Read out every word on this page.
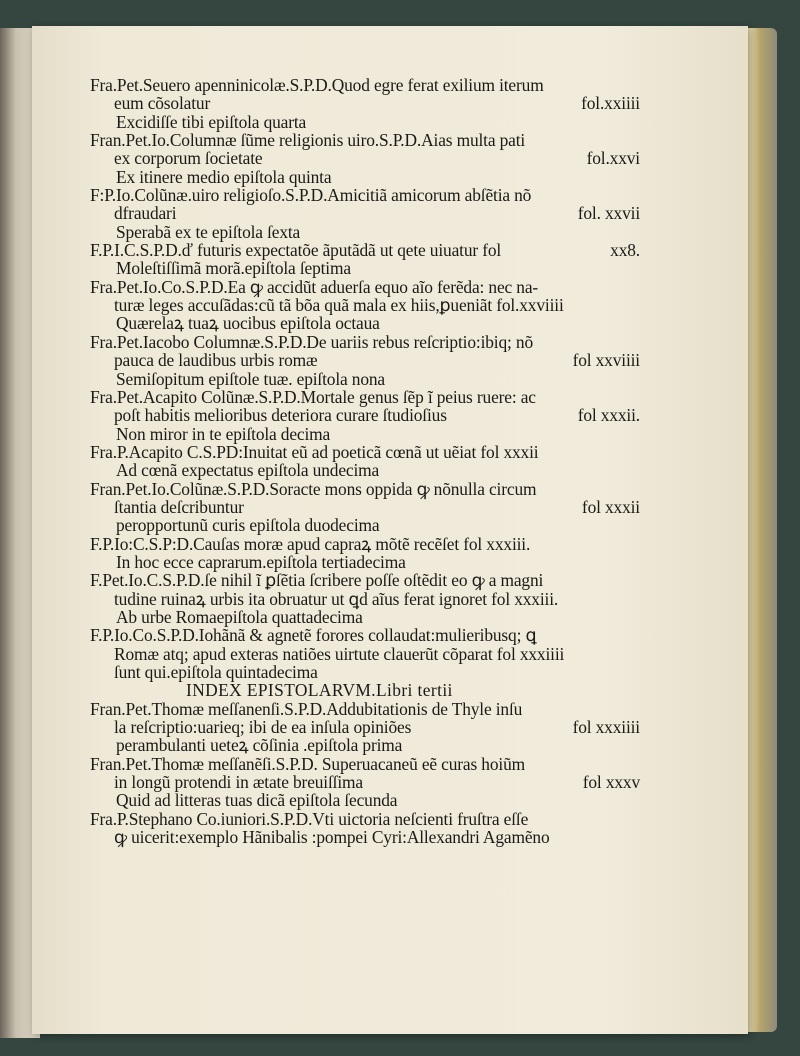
Fra.Pet.Seuero apenninicolæ.S.P.D.Quod egre ferat exilium iterum
eum cõsolatur	fol.xxiiii
Excidiſſe tibi epiſtola quarta
Fran.Pet.Io.Columnæ ſũme religionis uiro.S.P.D.Aias multa pati
ex corporum ſocietate	fol.xxvi
Ex itinere medio epiſtola quinta
F:P.Io.Colũnæ.uiro religioſo.S.P.D.Amicitiã amicorum abſẽtia nõ
dfraudari	fol. xxvii
Sperabã ex te epiſtola ſexta
F.P.I.C.S.P.D.ď futuris expectatõe ãputãdã ut qete uiuatur fol	xx8.
Moleſtiſſimã morã.epiſtola ſeptima
Fra.Pet.Io.Co.S.P.D.Ea ꝙ accidũt aduerſa equo aĩo ferẽda: nec na-
turæ leges accuſãdas:cũ tã bõa quã mala ex hiis,ꝑueniãt fol.xxviiii
Quærelaꝝ tuaꝝ uocibus epiſtola octaua
Fra.Pet.Iacobo Columnæ.S.P.D.De uariis rebus reſcriptio:ibiq; nõ
pauca de laudibus urbis romæ	fol xxviiii
Semiſopitum epiſtole tuæ. epiſtola nona
Fra.Pet.Acapito Colũnæ.S.P.D.Mortale genus ſẽp ĩ peius ruere: ac
poſt habitis melioribus deteriora curare ſtudioſius	fol xxxii.
Non miror in te epiſtola decima
Fra.P.Acapito C.S.PD:Inuitat eũ ad poeticã cœnã ut uẽiat fol xxxii
Ad cœnã expectatus epiſtola undecima
Fran.Pet.Io.Colũnæ.S.P.D.Soracte mons oppida ꝙ nõnulla circum
ſtantia deſcribuntur	fol xxxii
peropportunũ curis epiſtola duodecima
F.P.Io:C.S.P:D.Cauſas moræ apud capraꝝ mõtẽ recẽſet fol xxxiii.
In hoc ecce caprarum.epiſtola tertiadecima
F.Pet.Io.C.S.P.D.ſe nihil ĩ ꝑſẽtia ſcribere poſſe oſtẽdit eo ꝙ a magni
tudine ruinaꝝ urbis ita obruatur ut ꝗd aĩus ferat ignoret fol xxxiii.
Ab urbe Romaepiſtola quattadecima
F.P.Io.Co.S.P.D.Iohãnã & agnetẽ forores collaudat:mulieribusq; ꝗ
Romæ atq; apud exteras natiões uirtute clauerũt cõparat fol xxxiiii
ſunt qui.epiſtola quintadecima
INDEX EPISTOLARVM.Libri tertii
Fran.Pet.Thomæ meſſanenſi.S.P.D.Addubitationis de Thyle inſu
la reſcriptio:uarieq; ibi de ea inſula opiniões	fol xxxiiii
perambulanti ueteꝝ cõſinia .epiſtola prima
Fran.Pet.Thomæ meſſanẽſi.S.P.D. Superuacaneũ eẽ curas hoiũm
in longũ protendi in ætate breuiſſima	fol xxxv
Quid ad litteras tuas dicã epiſtola ſecunda
Fra.P.Stephano Co.iuniori.S.P.D.Vti uictoria neſcienti fruſtra eſſe
ꝙ uicerit:exemplo Hãnibalis :pompei Cyri:Allexandri Agamẽno
